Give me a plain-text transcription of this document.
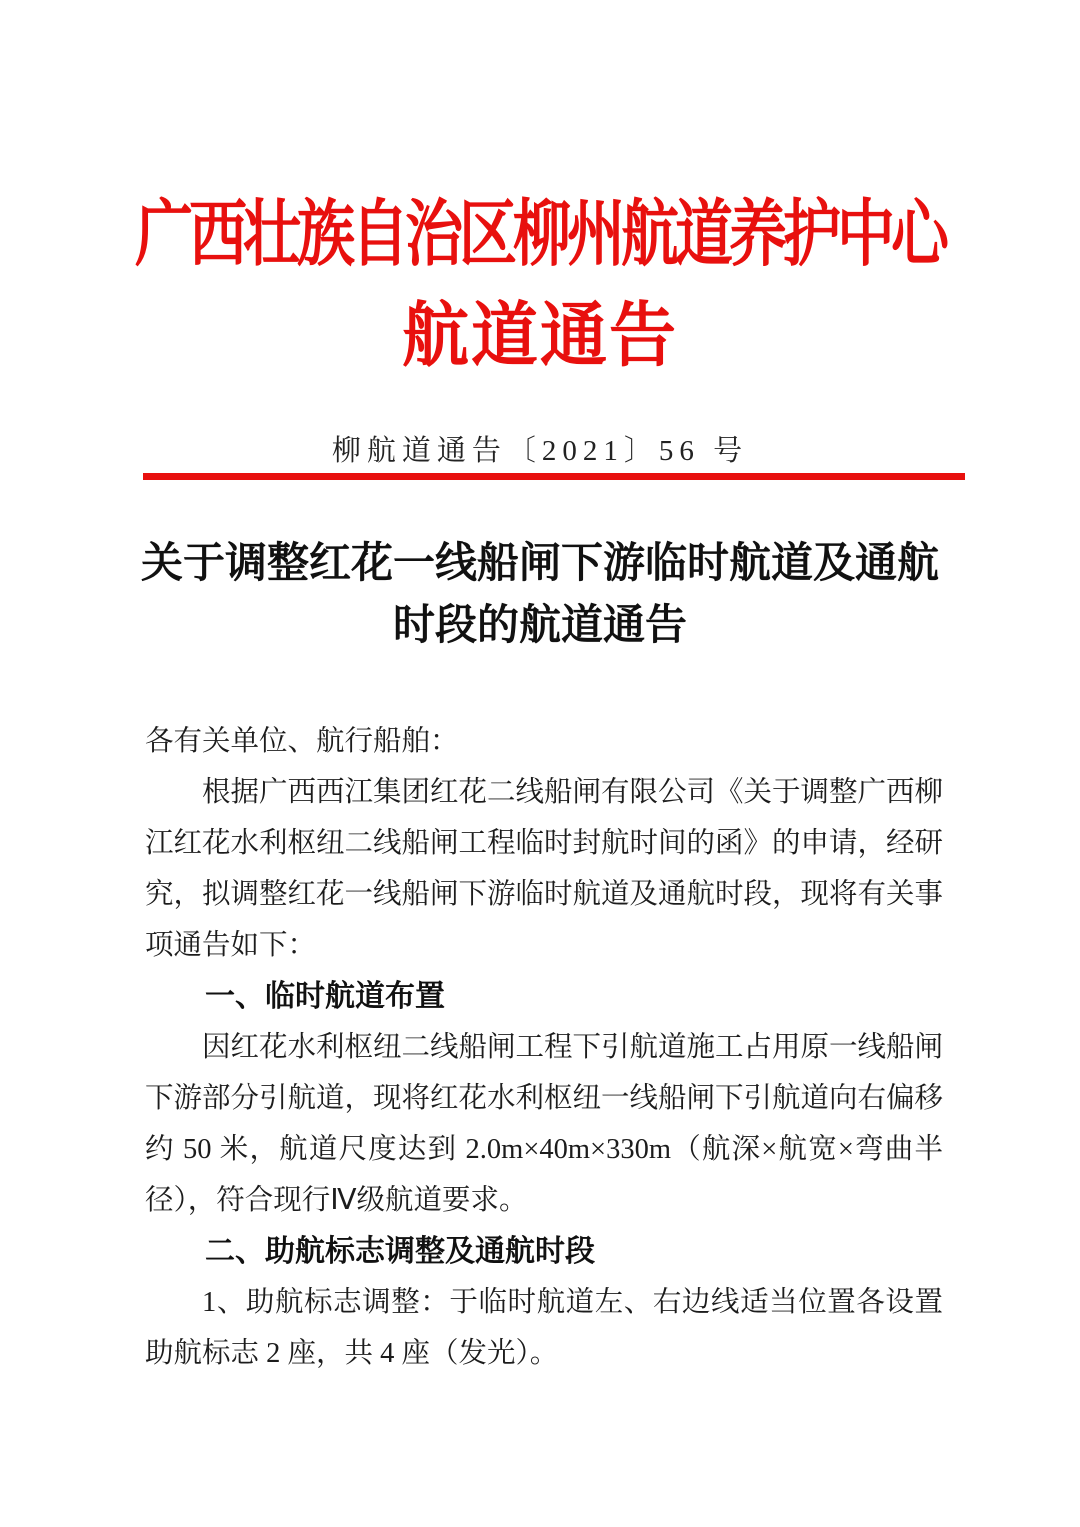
广西壮族自治区柳州航道养护中心
航道通告
柳航道通告〔2021〕56 号
关于调整红花一线船闸下游临时航道及通航
时段的航道通告

各有关单位、航行船舶：

根据广西西江集团红花二线船闸有限公司《关于调整广西柳江红花水利枢纽二线船闸工程临时封航时间的函》的申请，经研究，拟调整红花一线船闸下游临时航道及通航时段，现将有关事项通告如下：

一、临时航道布置

因红花水利枢纽二线船闸工程下引航道施工占用原一线船闸下游部分引航道，现将红花水利枢纽一线船闸下引航道向右偏移约 50 米，航道尺度达到 2.0m×40m×330m（航深×航宽×弯曲半径），符合现行Ⅳ级航道要求。

二、助航标志调整及通航时段

1、助航标志调整：于临时航道左、右边线适当位置各设置助航标志 2 座，共 4 座（发光）。
